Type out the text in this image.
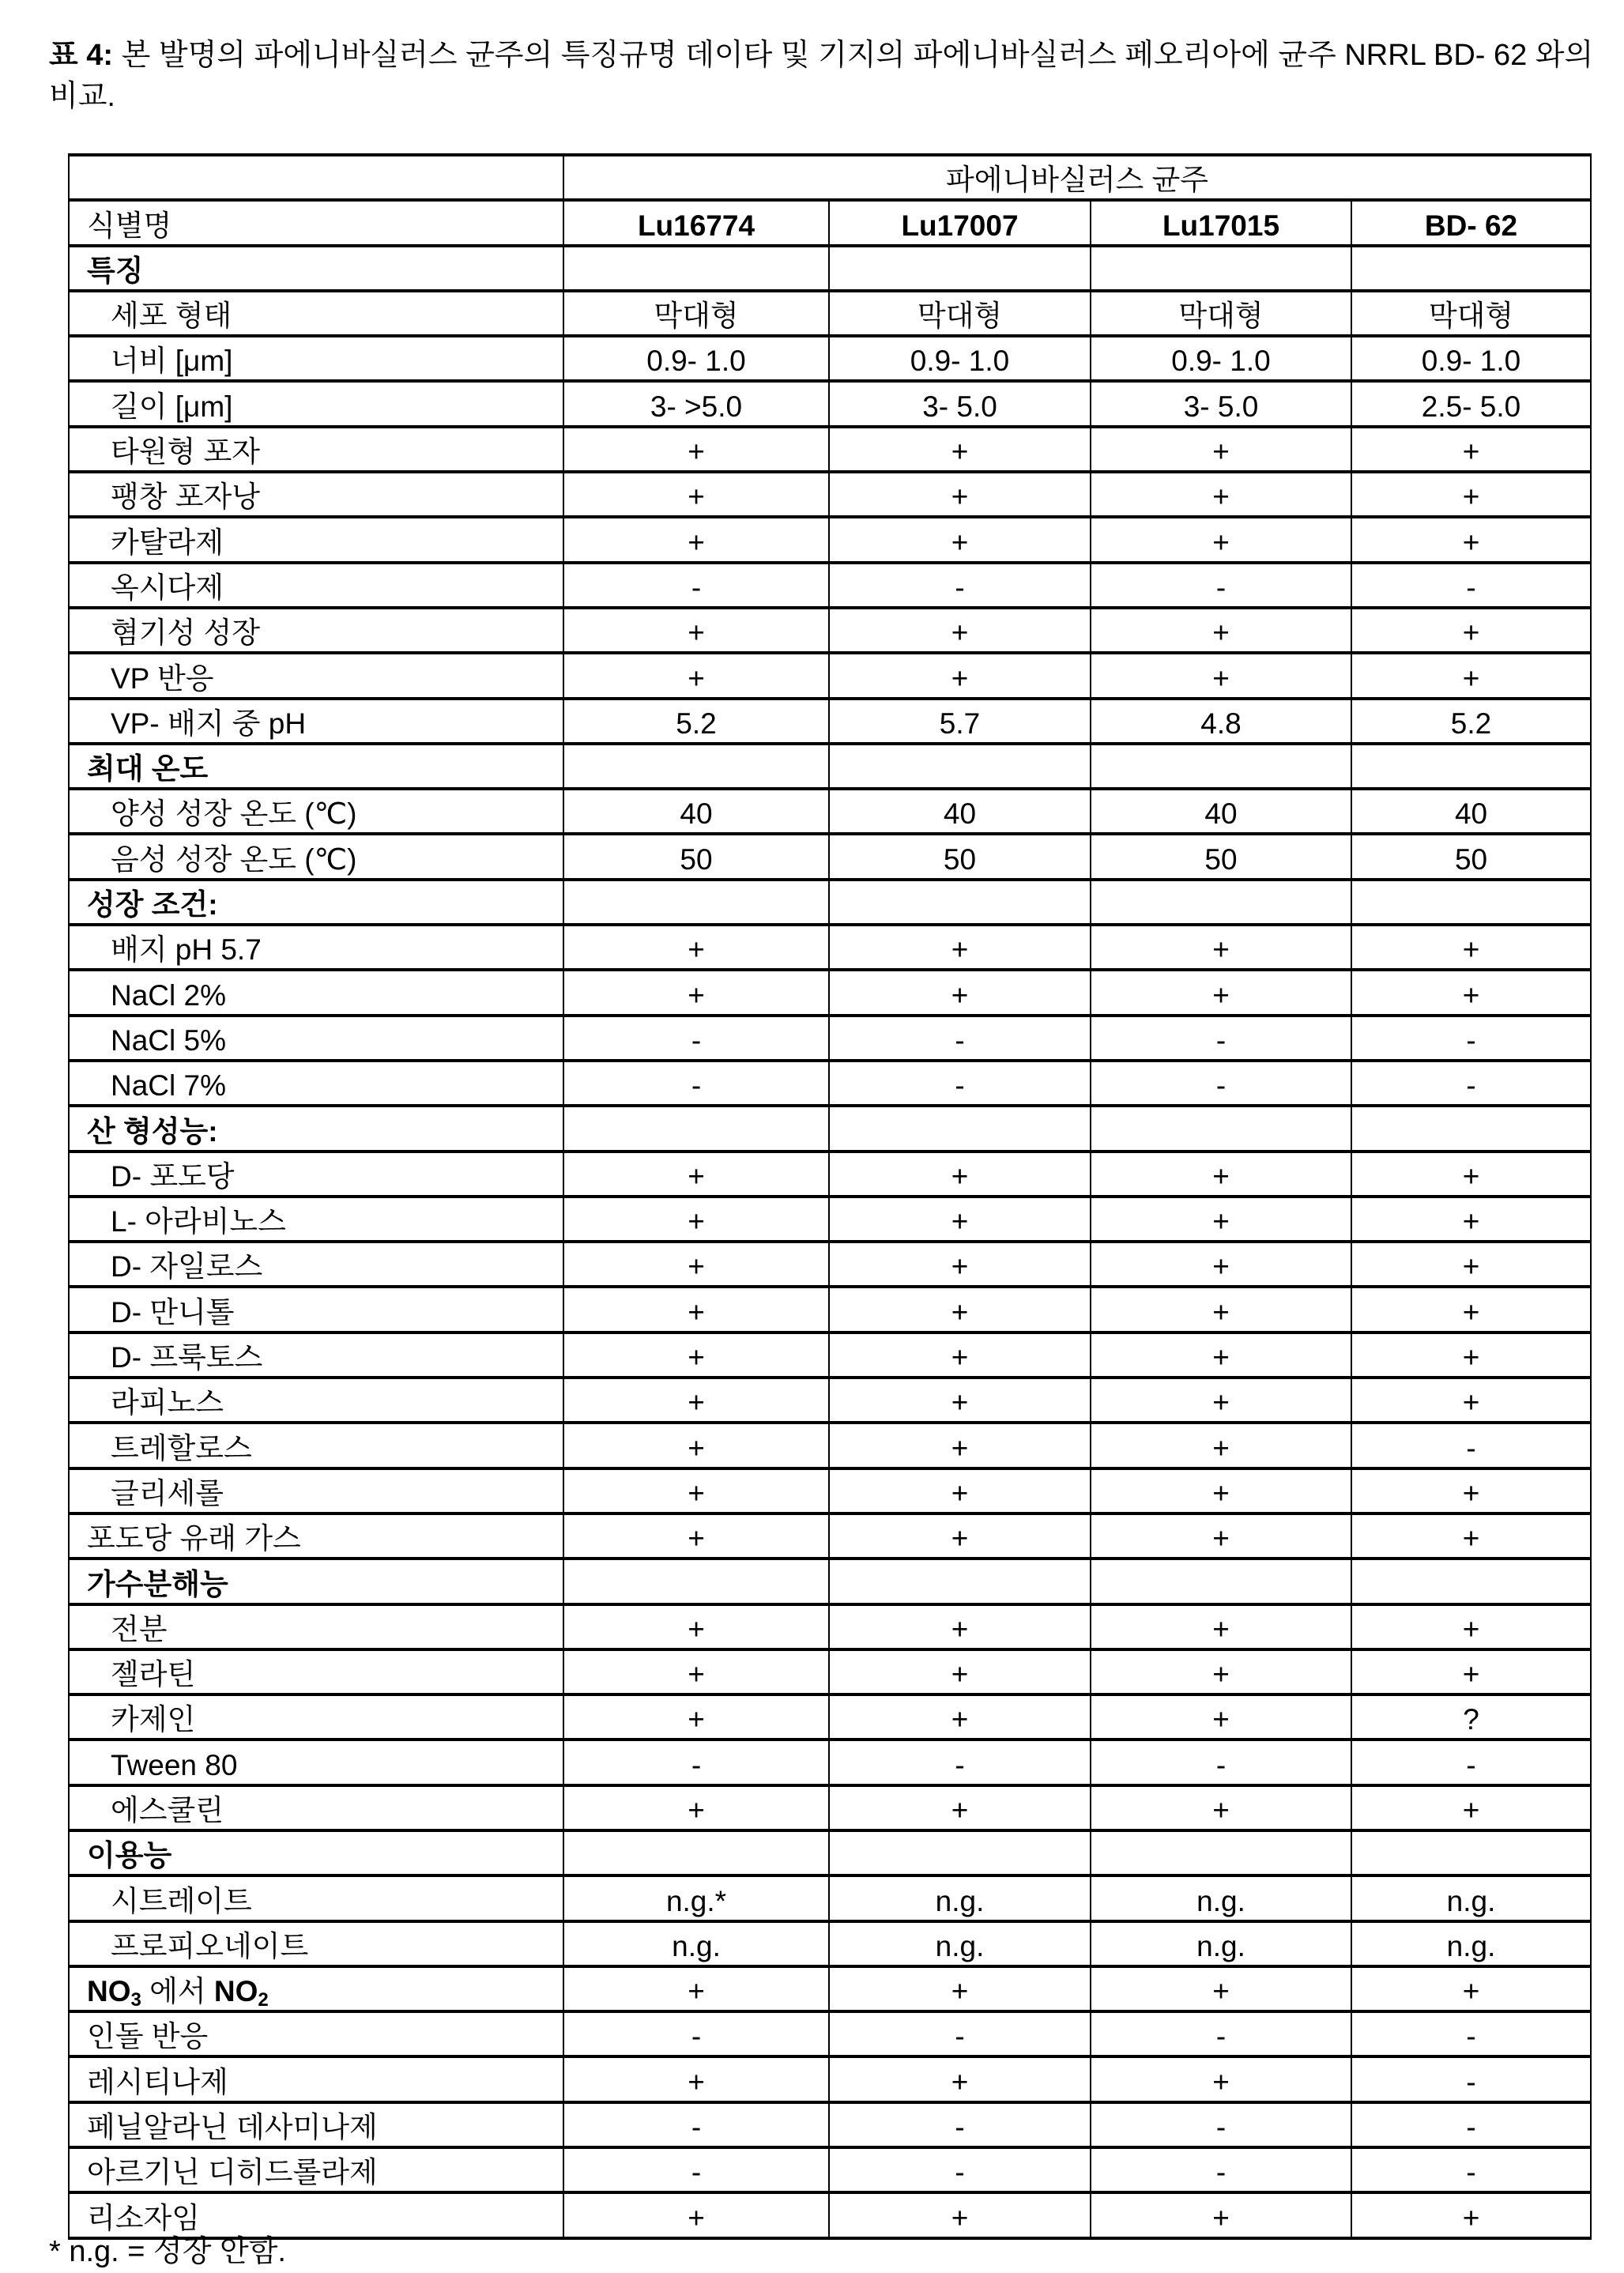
표 4: 본 발명의 파에니바실러스 균주의 특징규명 데이타 및 기지의 파에니바실러스 페오리아에 균주 NRRL BD- 62 와의 비교.
	파에니바실러스 균주
식별명	Lu16774	Lu17007	Lu17015	BD- 62
특징				
세포 형태	막대형	막대형	막대형	막대형
너비 [μm]	0.9- 1.0	0.9- 1.0	0.9- 1.0	0.9- 1.0
길이 [μm]	3- >5.0	3- 5.0	3- 5.0	2.5- 5.0
타원형 포자	+	+	+	+
팽창 포자낭	+	+	+	+
카탈라제	+	+	+	+
옥시다제	-	-	-	-
혐기성 성장	+	+	+	+
VP 반응	+	+	+	+
VP- 배지 중 pH	5.2	5.7	4.8	5.2
최대 온도				
양성 성장 온도 (℃)	40	40	40	40
음성 성장 온도 (℃)	50	50	50	50
성장 조건:				
배지 pH 5.7	+	+	+	+
NaCl 2%	+	+	+	+
NaCl 5%	-	-	-	-
NaCl 7%	-	-	-	-
산 형성능:				
D- 포도당	+	+	+	+
L- 아라비노스	+	+	+	+
D- 자일로스	+	+	+	+
D- 만니톨	+	+	+	+
D- 프룩토스	+	+	+	+
라피노스	+	+	+	+
트레할로스	+	+	+	-
글리세롤	+	+	+	+
포도당 유래 가스	+	+	+	+
가수분해능				
전분	+	+	+	+
젤라틴	+	+	+	+
카제인	+	+	+	?
Tween 80	-	-	-	-
에스쿨린	+	+	+	+
이용능				
시트레이트	n.g.*	n.g.	n.g.	n.g.
프로피오네이트	n.g.	n.g.	n.g.	n.g.
NO3 에서 NO2	+	+	+	+
인돌 반응	-	-	-	-
레시티나제	+	+	+	-
페닐알라닌 데사미나제	-	-	-	-
아르기닌 디히드롤라제	-	-	-	-
리소자임	+	+	+	+
* n.g. = 성장 안함.
